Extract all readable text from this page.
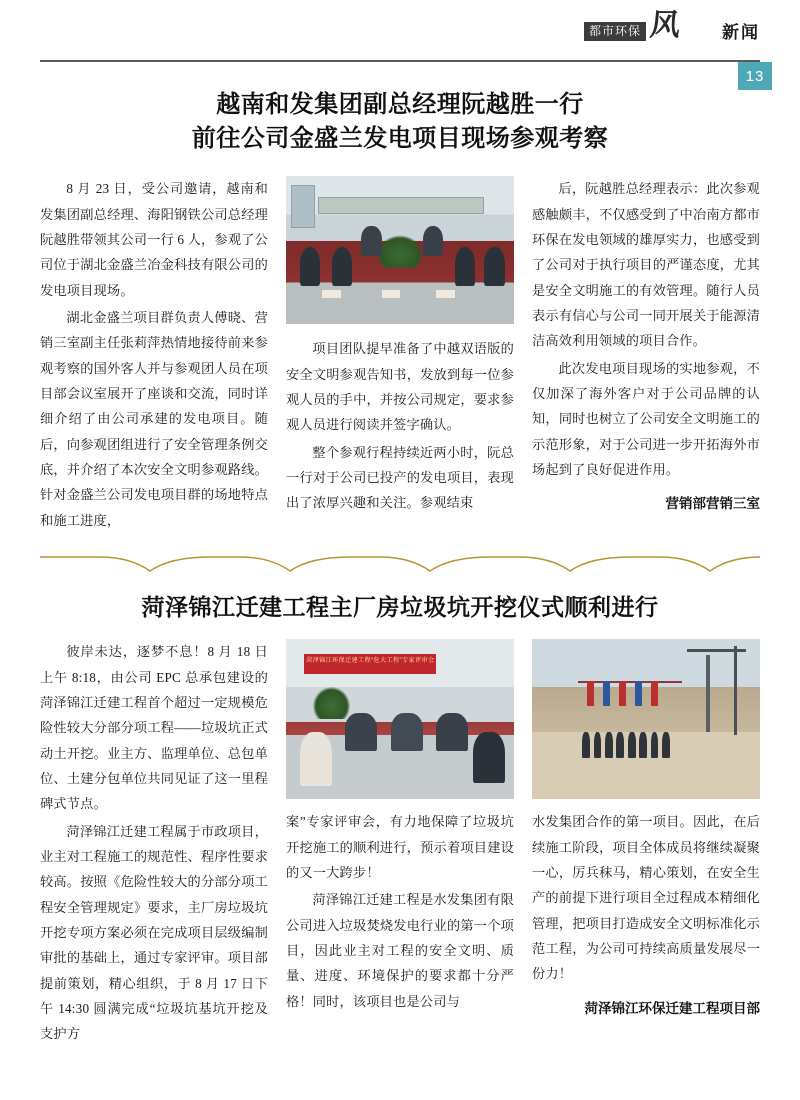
都市环保 风 新闻
13
越南和发集团副总经理阮越胜一行
前往公司金盛兰发电项目现场参观考察

8 月 23 日，受公司邀请，越南和发集团副总经理、海阳钢铁公司总经理阮越胜带领其公司一行 6 人，参观了公司位于湖北金盛兰冶金科技有限公司的发电项目现场。

湖北金盛兰项目群负责人傅晓、营销三室副主任张莉萍热情地接待前来参观考察的国外客人并与参观团人员在项目部会议室展开了座谈和交流，同时详细介绍了由公司承建的发电项目。随后，向参观团组进行了安全管理条例交底，并介绍了本次安全文明参观路线。针对金盛兰公司发电项目群的场地特点和施工进度，

项目团队提早准备了中越双语版的安全文明参观告知书，发放到每一位参观人员的手中，并按公司规定，要求参观人员进行阅读并签字确认。

整个参观行程持续近两小时，阮总一行对于公司已投产的发电项目，表现出了浓厚兴趣和关注。参观结束

后，阮越胜总经理表示：此次参观感触颇丰，不仅感受到了中冶南方都市环保在发电领域的雄厚实力，也感受到了公司对于执行项目的严谨态度，尤其是安全文明施工的有效管理。随行人员表示有信心与公司一同开展关于能源清洁高效利用领域的项目合作。

此次发电项目现场的实地参观，不仅加深了海外客户对于公司品牌的认知，同时也树立了公司安全文明施工的示范形象，对于公司进一步开拓海外市场起到了良好促进作用。

营销部营销三室
菏泽锦江迁建工程主厂房垃圾坑开挖仪式顺利进行

彼岸未达，逐梦不息！8 月 18 日上午 8:18，由公司 EPC 总承包建设的菏泽锦江迁建工程首个超过一定规模危险性较大分部分项工程——垃圾坑正式动土开挖。业主方、监理单位、总包单位、土建分包单位共同见证了这一里程碑式节点。

菏泽锦江迁建工程属于市政项目，业主对工程施工的规范性、程序性要求较高。按照《危险性较大的分部分项工程安全管理规定》要求，主厂房垃圾坑开挖专项方案必须在完成项目层级编制审批的基础上，通过专家评审。项目部提前策划，精心组织，于 8 月 17 日下午 14:30 圆满完成“垃圾坑基坑开挖及支护方

菏泽锦江环保迁建工程“危大工程”专家评审会

案”专家评审会，有力地保障了垃圾坑开挖施工的顺利进行，预示着项目建设的又一大跨步！

菏泽锦江迁建工程是水发集团有限公司进入垃圾焚烧发电行业的第一个项目，因此业主对工程的安全文明、质量、进度、环境保护的要求都十分严格！同时，该项目也是公司与

水发集团合作的第一项目。因此，在后续施工阶段，项目全体成员将继续凝聚一心，厉兵秣马，精心策划，在安全生产的前提下进行项目全过程成本精细化管理，把项目打造成安全文明标准化示范工程，为公司可持续高质量发展尽一份力！

菏泽锦江环保迁建工程项目部
